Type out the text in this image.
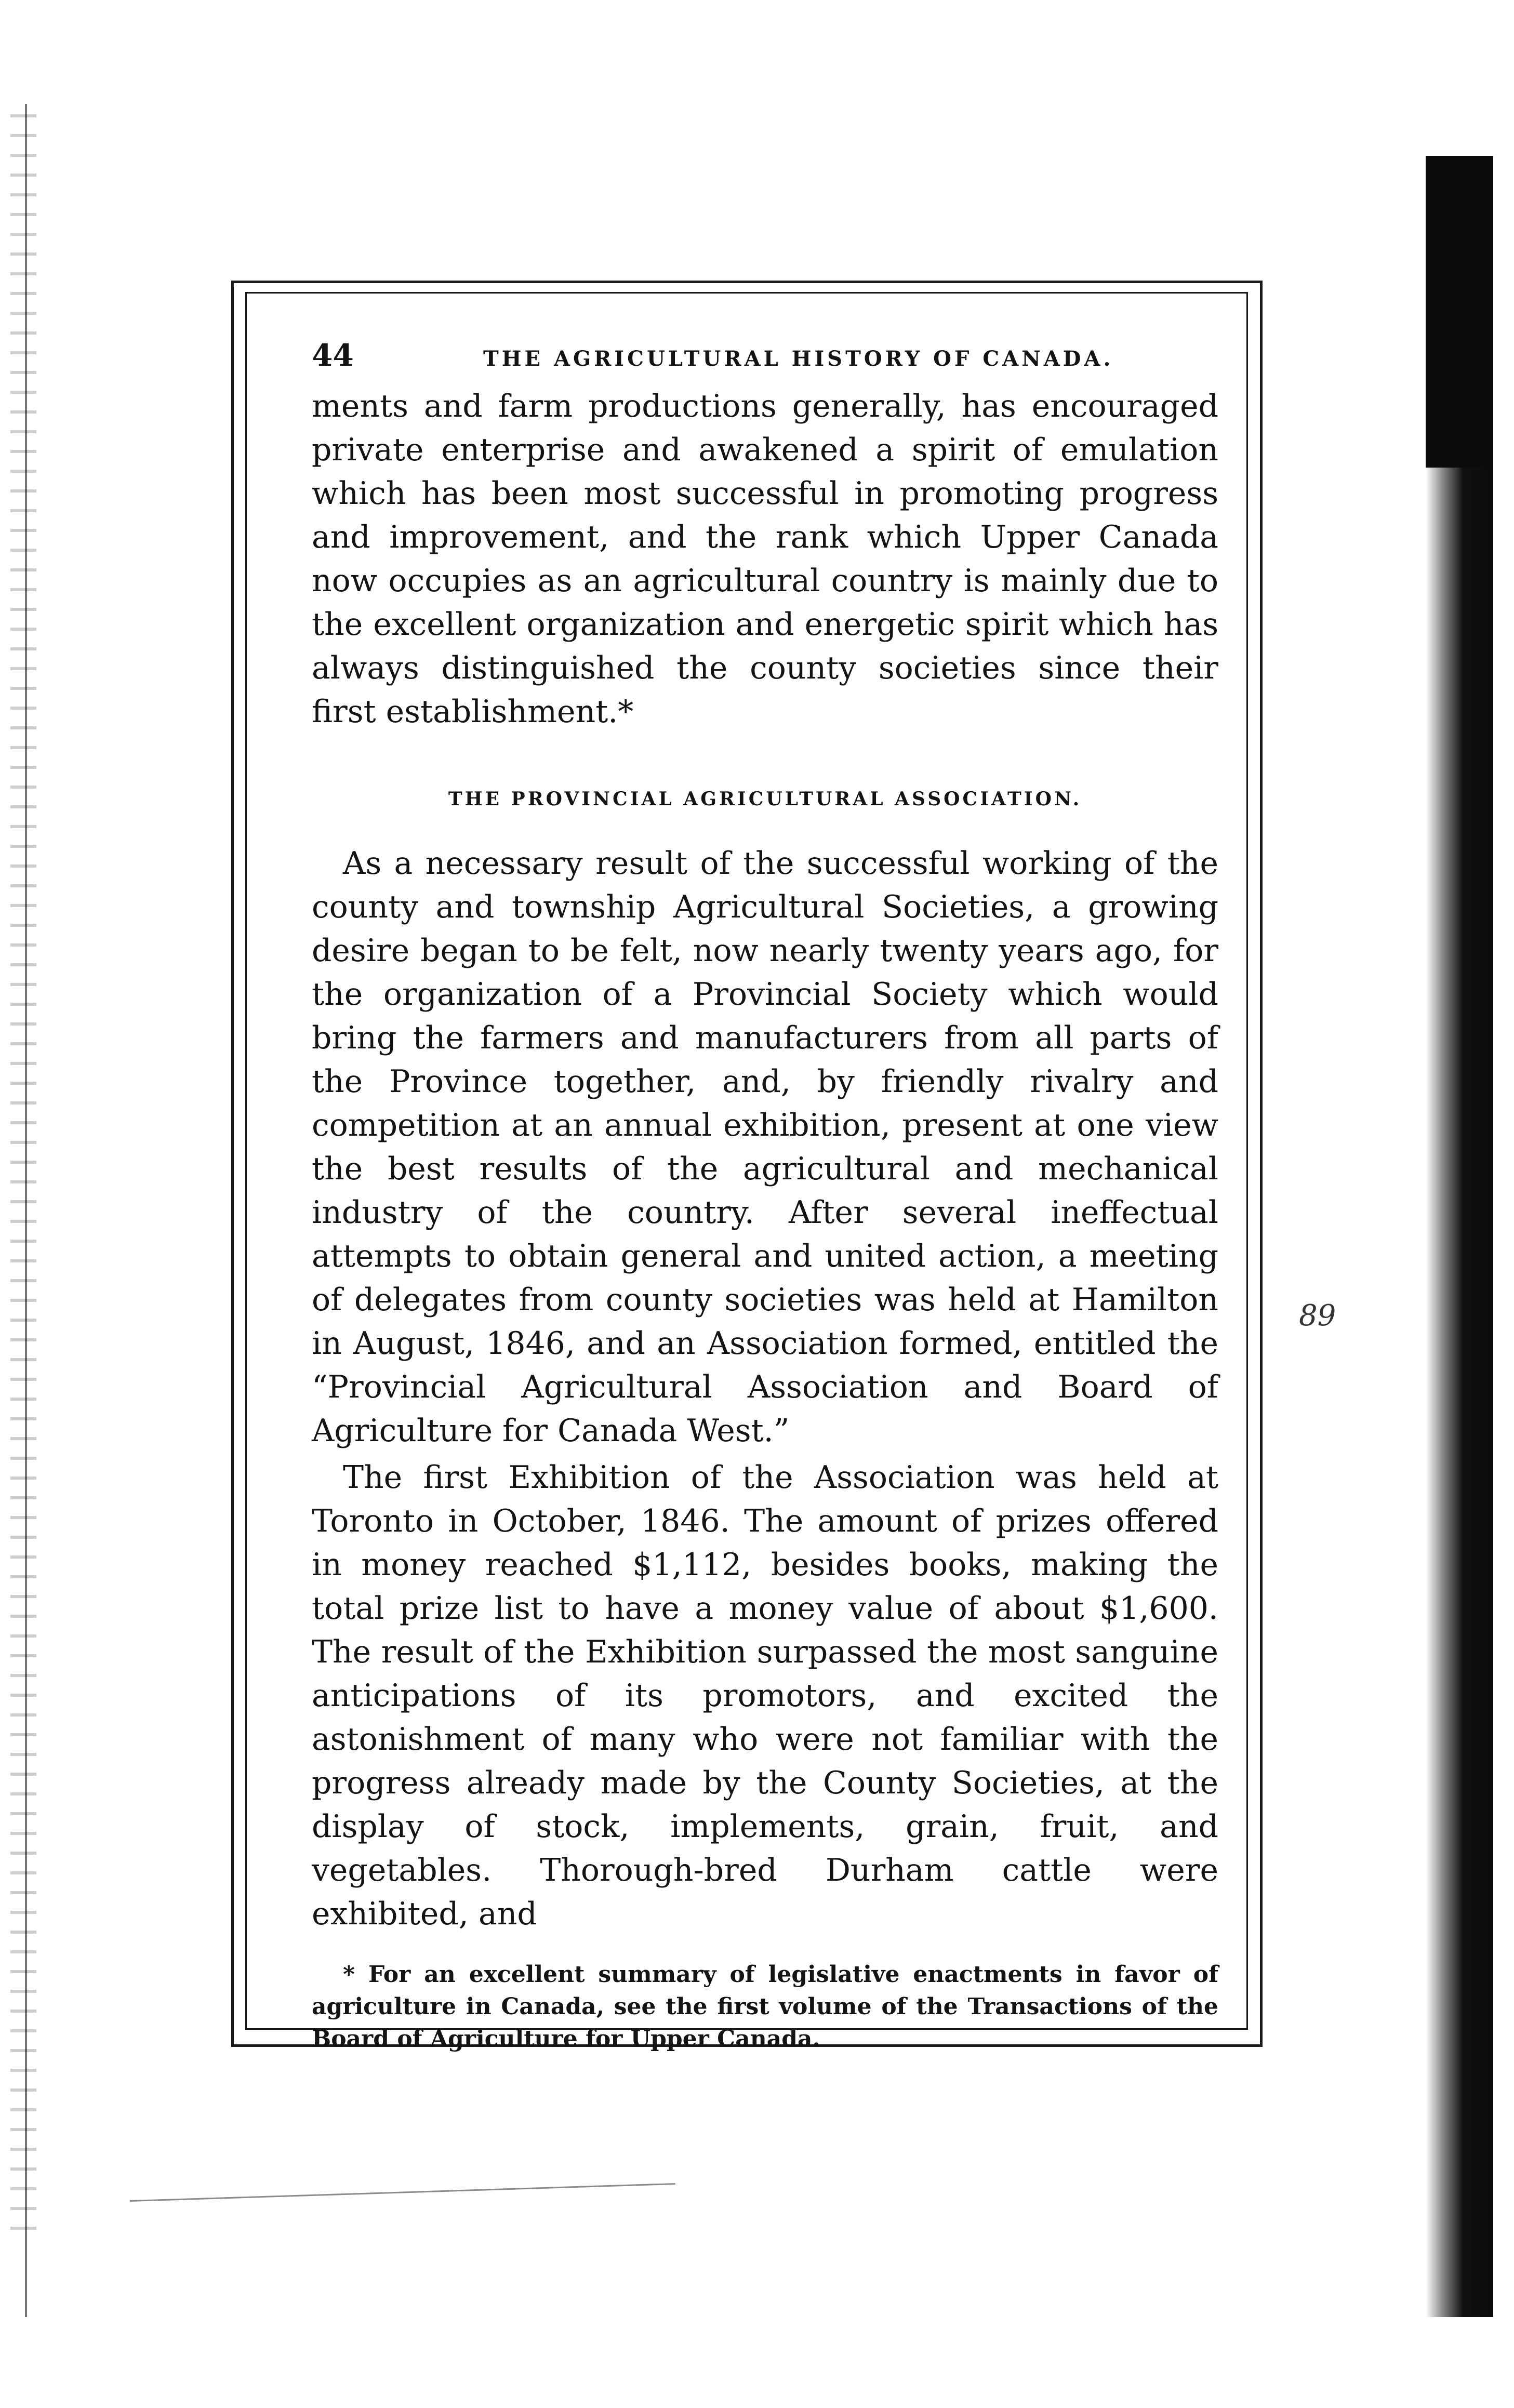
89
44	THE AGRICULTURAL HISTORY OF CANADA.

ments and farm productions generally, has encouraged private enterprise and awakened a spirit of emulation which has been most successful in promoting progress and improvement, and the rank which Upper Canada now occupies as an agricultural country is mainly due to the excellent organization and energetic spirit which has always distinguished the county societies since their first establishment.*

THE PROVINCIAL AGRICULTURAL ASSOCIATION.

As a necessary result of the successful working of the county and township Agricultural Societies, a growing desire began to be felt, now nearly twenty years ago, for the organization of a Provincial Society which would bring the farmers and manufacturers from all parts of the Province together, and, by friendly rivalry and competition at an annual exhibition, present at one view the best results of the agricultural and mechanical industry of the country. After several ineffectual attempts to obtain general and united action, a meeting of delegates from county societies was held at Hamilton in August, 1846, and an Association formed, entitled the “Provincial Agricultural Association and Board of Agriculture for Canada West.”

The first Exhibition of the Association was held at Toronto in October, 1846. The amount of prizes offered in money reached $1,112, besides books, making the total prize list to have a money value of about $1,600. The result of the Exhibition surpassed the most sanguine anticipations of its promotors, and excited the astonishment of many who were not familiar with the progress already made by the County Societies, at the display of stock, implements, grain, fruit, and vegetables. Thorough-bred Durham cattle were exhibited, and

* For an excellent summary of legislative enactments in favor of agriculture in Canada, see the first volume of the Transactions of the Board of Agriculture for Upper Canada.
